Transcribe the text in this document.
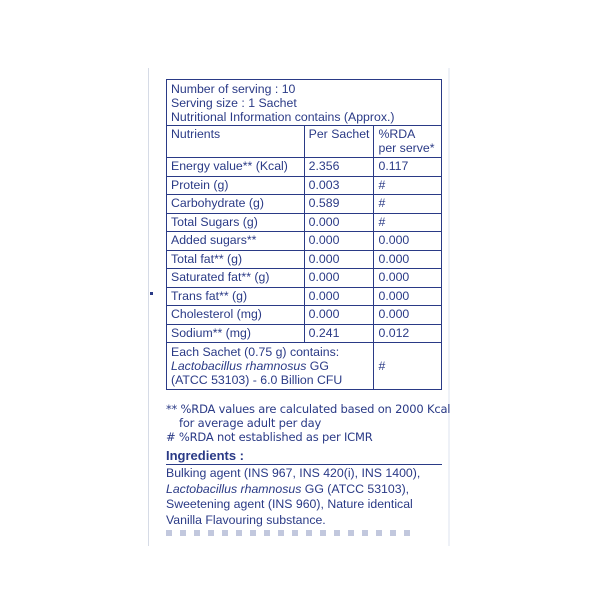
Number of serving : 10
Serving size : 1 Sachet
Nutritional Information contains (Approx.)		

Nutrients	Per Sachet	%RDA
per serve*

Energy value** (Kcal)	2.356	0.117
Protein (g)	0.003	#
Carbohydrate (g)	0.589	#
Total Sugars (g)	0.000	#
Added sugars**	0.000	0.000
Total fat** (g)	0.000	0.000
Saturated fat** (g)	0.000	0.000
Trans fat** (g)	0.000	0.000
Cholesterol (mg)	0.000	0.000
Sodium** (mg)	0.241	0.012

Each Sachet (0.75 g) contains:
Lactobacillus rhamnosus GG
(ATCC 53103) - 6.0 Billion CFU		#
** %RDA values are calculated based on 2000 Kcal
for average adult per day
# %RDA not established as per ICMR
Ingredients :
Bulking agent (INS 967, INS 420(i), INS 1400), Lactobacillus rhamnosus GG (ATCC 53103), Sweetening agent (INS 960), Nature identical Vanilla Flavouring substance.
